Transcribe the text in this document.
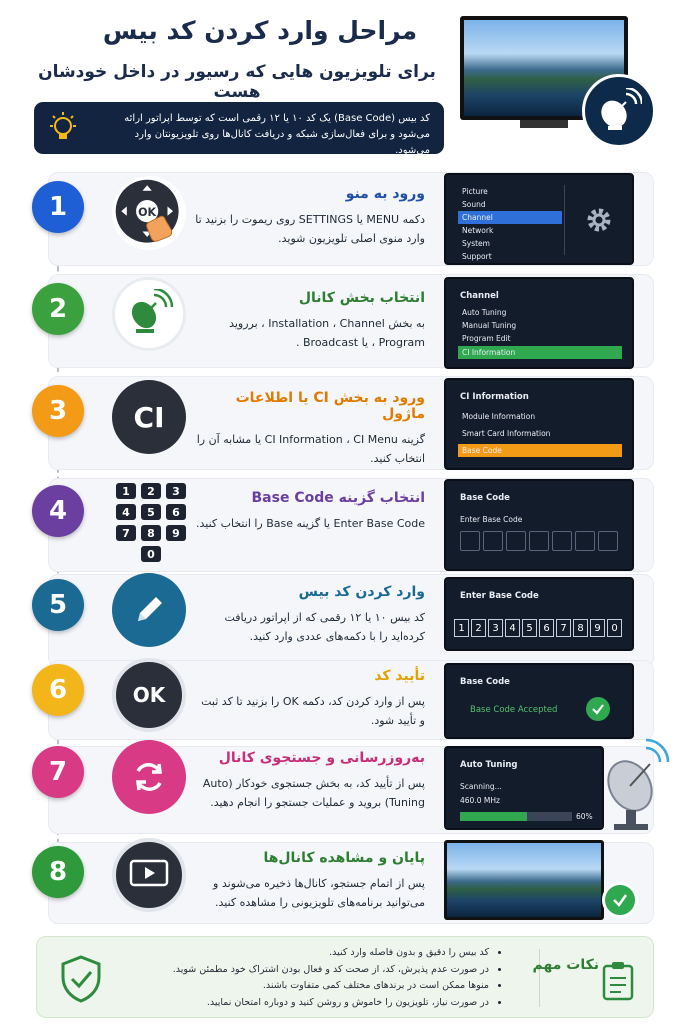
مراحل وارد کردن کد بیس
برای تلویزیون هایی که رسیور در داخل خودشان هست
کد بیس (Base Code) یک کد ۱۰ یا ۱۲ رقمی است که توسط اپراتور ارائه می‌شود و برای فعال‌سازی شبکه و دریافت کانال‌ها روی تلویزیونتان وارد می‌شود.
1	OK
ورود به منو
دکمه MENU یا SETTINGS روی ریموت را بزنید تا وارد منوی اصلی تلویزیون شوید.
Picture
Sound
Channel
Network
System
Support
2	انتخاب بخش کانال
به بخش Installation ، Channel ، برروید Program ، یا Broadcast .
Channel
Auto Tuning
Manual Tuning
Program Edit
CI Information
3	CI
ورود به بخش CI یا اطلاعات ماژول
گزینه CI Information ، CI Menu یا مشابه آن را انتخاب کنید.
CI Information
Module Information
Smart Card Information
Base Code
4
1	2	3
4	5	6
7	8	9
0
انتخاب گزینه Base Code
Enter Base Code یا گزینه Base را انتخاب کنید.
Base Code
Enter Base Code
5	وارد کردن کد بیس
کد بیس ۱۰ یا ۱۲ رقمی که از اپراتور دریافت کرده‌اید را با دکمه‌های عددی وارد کنید.
Enter Base Code
1	2	3	4	5	6	7	8	9	0
6	OK
تأیید کد
پس از وارد کردن کد، دکمه OK را بزنید تا کد ثبت و تأیید شود.
Base Code
Base Code Accepted
7	به‌روزرسانی و جستجوی کانال
پس از تأیید کد، به بخش جستجوی خودکار (Auto Tuning) بروید و عملیات جستجو را انجام دهید.
Auto Tuning
Scanning...
460.0 MHz
60%
8	پایان و مشاهده کانال‌ها
پس از اتمام جستجو، کانال‌ها ذخیره می‌شوند و می‌توانید برنامه‌های تلویزیونی را مشاهده کنید.
• کد بیس را دقیق و بدون فاصله وارد کنید.
• در صورت عدم پذیرش، کد، از صحت کد و فعال بودن اشتراک خود مطمئن شوید.
• منوها ممکن است در برندهای مختلف کمی متفاوت باشند.
• در صورت نیاز، تلویزیون را خاموش و روشن کنید و دوباره امتحان نمایید.
نکات مهم
